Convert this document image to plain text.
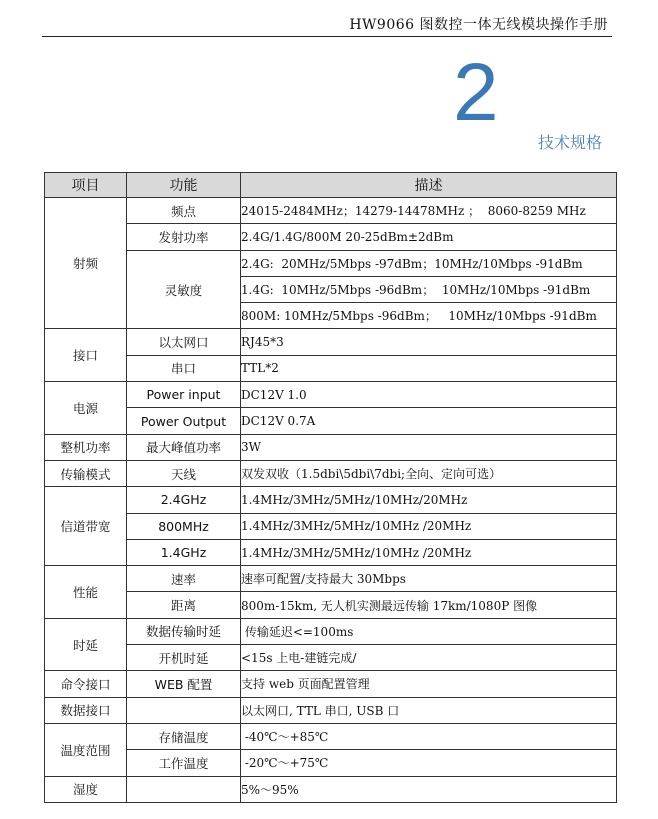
HW9066 图数控一体无线模块操作手册
2
技术规格
项目	功能	描述
射频	频点	24015-2484MHz；14279-14478MHz ；  8060-8259 MHz
	发射功率	2.4G/1.4G/800M 20-25dBm±2dBm
	灵敏度	2.4G:  20MHz/5Mbps -97dBm；10MHz/10Mbps -91dBm
		1.4G:  10MHz/5Mbps -96dBm；  10MHz/10Mbps -91dBm
		800M: 10MHz/5Mbps -96dBm；   10MHz/10Mbps -91dBm
接口	以太网口	RJ45*3
	串口	TTL*2
电源	Power input	DC12V 1.0
	Power Output	DC12V 0.7A
整机功率	最大峰值功率	3W
传输模式	天线	双发双收（1.5dbi\5dbi\7dbi;全向、定向可选）
信道带宽	2.4GHz	1.4MHz/3MHz/5MHz/10MHz/20MHz
	800MHz	1.4MHz/3MHz/5MHz/10MHz /20MHz
	1.4GHz	1.4MHz/3MHz/5MHz/10MHz /20MHz
性能	速率	速率可配置/支持最大 30Mbps
	距离	800m-15km, 无人机实测最远传输 17km/1080P 图像
时延	数据传输时延	传输延迟<=100ms
	开机时延	<15s 上电-建链完成/
命令接口	WEB 配置	支持 web 页面配置管理
数据接口		以太网口, TTL 串口, USB 口
温度范围	存储温度	-40℃～+85℃
	工作温度	-20℃～+75℃
湿度		5%～95%
